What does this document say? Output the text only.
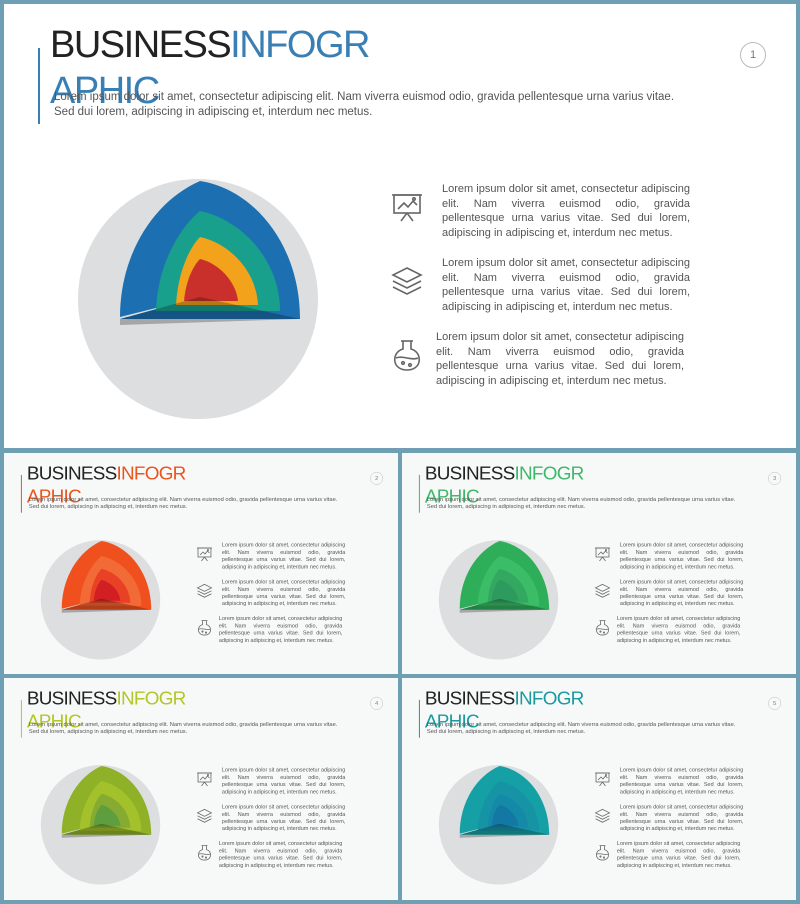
BUSINESSINFOGRAPHIC
Lorem ipsum dolor sit amet, consectetur adipiscing elit. Nam viverra euismod odio, gravida pellentesque urna varius vitae. Sed dui lorem, adipiscing in adipiscing et, interdum nec metus.
1
Lorem ipsum dolor sit amet, consectetur adipiscing elit. Nam viverra euismod odio, gravida pellentesque urna varius vitae. Sed dui lorem, adipiscing in adipiscing et, interdum nec metus.
Lorem ipsum dolor sit amet, consectetur adipiscing elit. Nam viverra euismod odio, gravida pellentesque urna varius vitae. Sed dui lorem, adipiscing in adipiscing et, interdum nec metus.
Lorem ipsum dolor sit amet, consectetur adipiscing elit. Nam viverra euismod odio, gravida pellentesque urna varius vitae. Sed dui lorem, adipiscing in adipiscing et, interdum nec metus.
BUSINESSINFOGRAPHIC
Lorem ipsum dolor sit amet, consectetur adipiscing elit. Nam viverra euismod odio, gravida pellentesque urna varius vitae. Sed dui lorem, adipiscing in adipiscing et, interdum nec metus.
2
Lorem ipsum dolor sit amet, consectetur adipiscing elit. Nam viverra euismod odio, gravida pellentesque urna varius vitae. Sed dui lorem, adipiscing in adipiscing et, interdum nec metus.
Lorem ipsum dolor sit amet, consectetur adipiscing elit. Nam viverra euismod odio, gravida pellentesque urna varius vitae. Sed dui lorem, adipiscing in adipiscing et, interdum nec metus.
Lorem ipsum dolor sit amet, consectetur adipiscing elit. Nam viverra euismod odio, gravida pellentesque urna varius vitae. Sed dui lorem, adipiscing in adipiscing et, interdum nec metus.
BUSINESSINFOGRAPHIC
Lorem ipsum dolor sit amet, consectetur adipiscing elit. Nam viverra euismod odio, gravida pellentesque urna varius vitae. Sed dui lorem, adipiscing in adipiscing et, interdum nec metus.
3
Lorem ipsum dolor sit amet, consectetur adipiscing elit. Nam viverra euismod odio, gravida pellentesque urna varius vitae. Sed dui lorem, adipiscing in adipiscing et, interdum nec metus.
Lorem ipsum dolor sit amet, consectetur adipiscing elit. Nam viverra euismod odio, gravida pellentesque urna varius vitae. Sed dui lorem, adipiscing in adipiscing et, interdum nec metus.
Lorem ipsum dolor sit amet, consectetur adipiscing elit. Nam viverra euismod odio, gravida pellentesque urna varius vitae. Sed dui lorem, adipiscing in adipiscing et, interdum nec metus.
BUSINESSINFOGRAPHIC
Lorem ipsum dolor sit amet, consectetur adipiscing elit. Nam viverra euismod odio, gravida pellentesque urna varius vitae. Sed dui lorem, adipiscing in adipiscing et, interdum nec metus.
4
Lorem ipsum dolor sit amet, consectetur adipiscing elit. Nam viverra euismod odio, gravida pellentesque urna varius vitae. Sed dui lorem, adipiscing in adipiscing et, interdum nec metus.
Lorem ipsum dolor sit amet, consectetur adipiscing elit. Nam viverra euismod odio, gravida pellentesque urna varius vitae. Sed dui lorem, adipiscing in adipiscing et, interdum nec metus.
Lorem ipsum dolor sit amet, consectetur adipiscing elit. Nam viverra euismod odio, gravida pellentesque urna varius vitae. Sed dui lorem, adipiscing in adipiscing et, interdum nec metus.
BUSINESSINFOGRAPHIC
Lorem ipsum dolor sit amet, consectetur adipiscing elit. Nam viverra euismod odio, gravida pellentesque urna varius vitae. Sed dui lorem, adipiscing in adipiscing et, interdum nec metus.
5
Lorem ipsum dolor sit amet, consectetur adipiscing elit. Nam viverra euismod odio, gravida pellentesque urna varius vitae. Sed dui lorem, adipiscing in adipiscing et, interdum nec metus.
Lorem ipsum dolor sit amet, consectetur adipiscing elit. Nam viverra euismod odio, gravida pellentesque urna varius vitae. Sed dui lorem, adipiscing in adipiscing et, interdum nec metus.
Lorem ipsum dolor sit amet, consectetur adipiscing elit. Nam viverra euismod odio, gravida pellentesque urna varius vitae. Sed dui lorem, adipiscing in adipiscing et, interdum nec metus.
